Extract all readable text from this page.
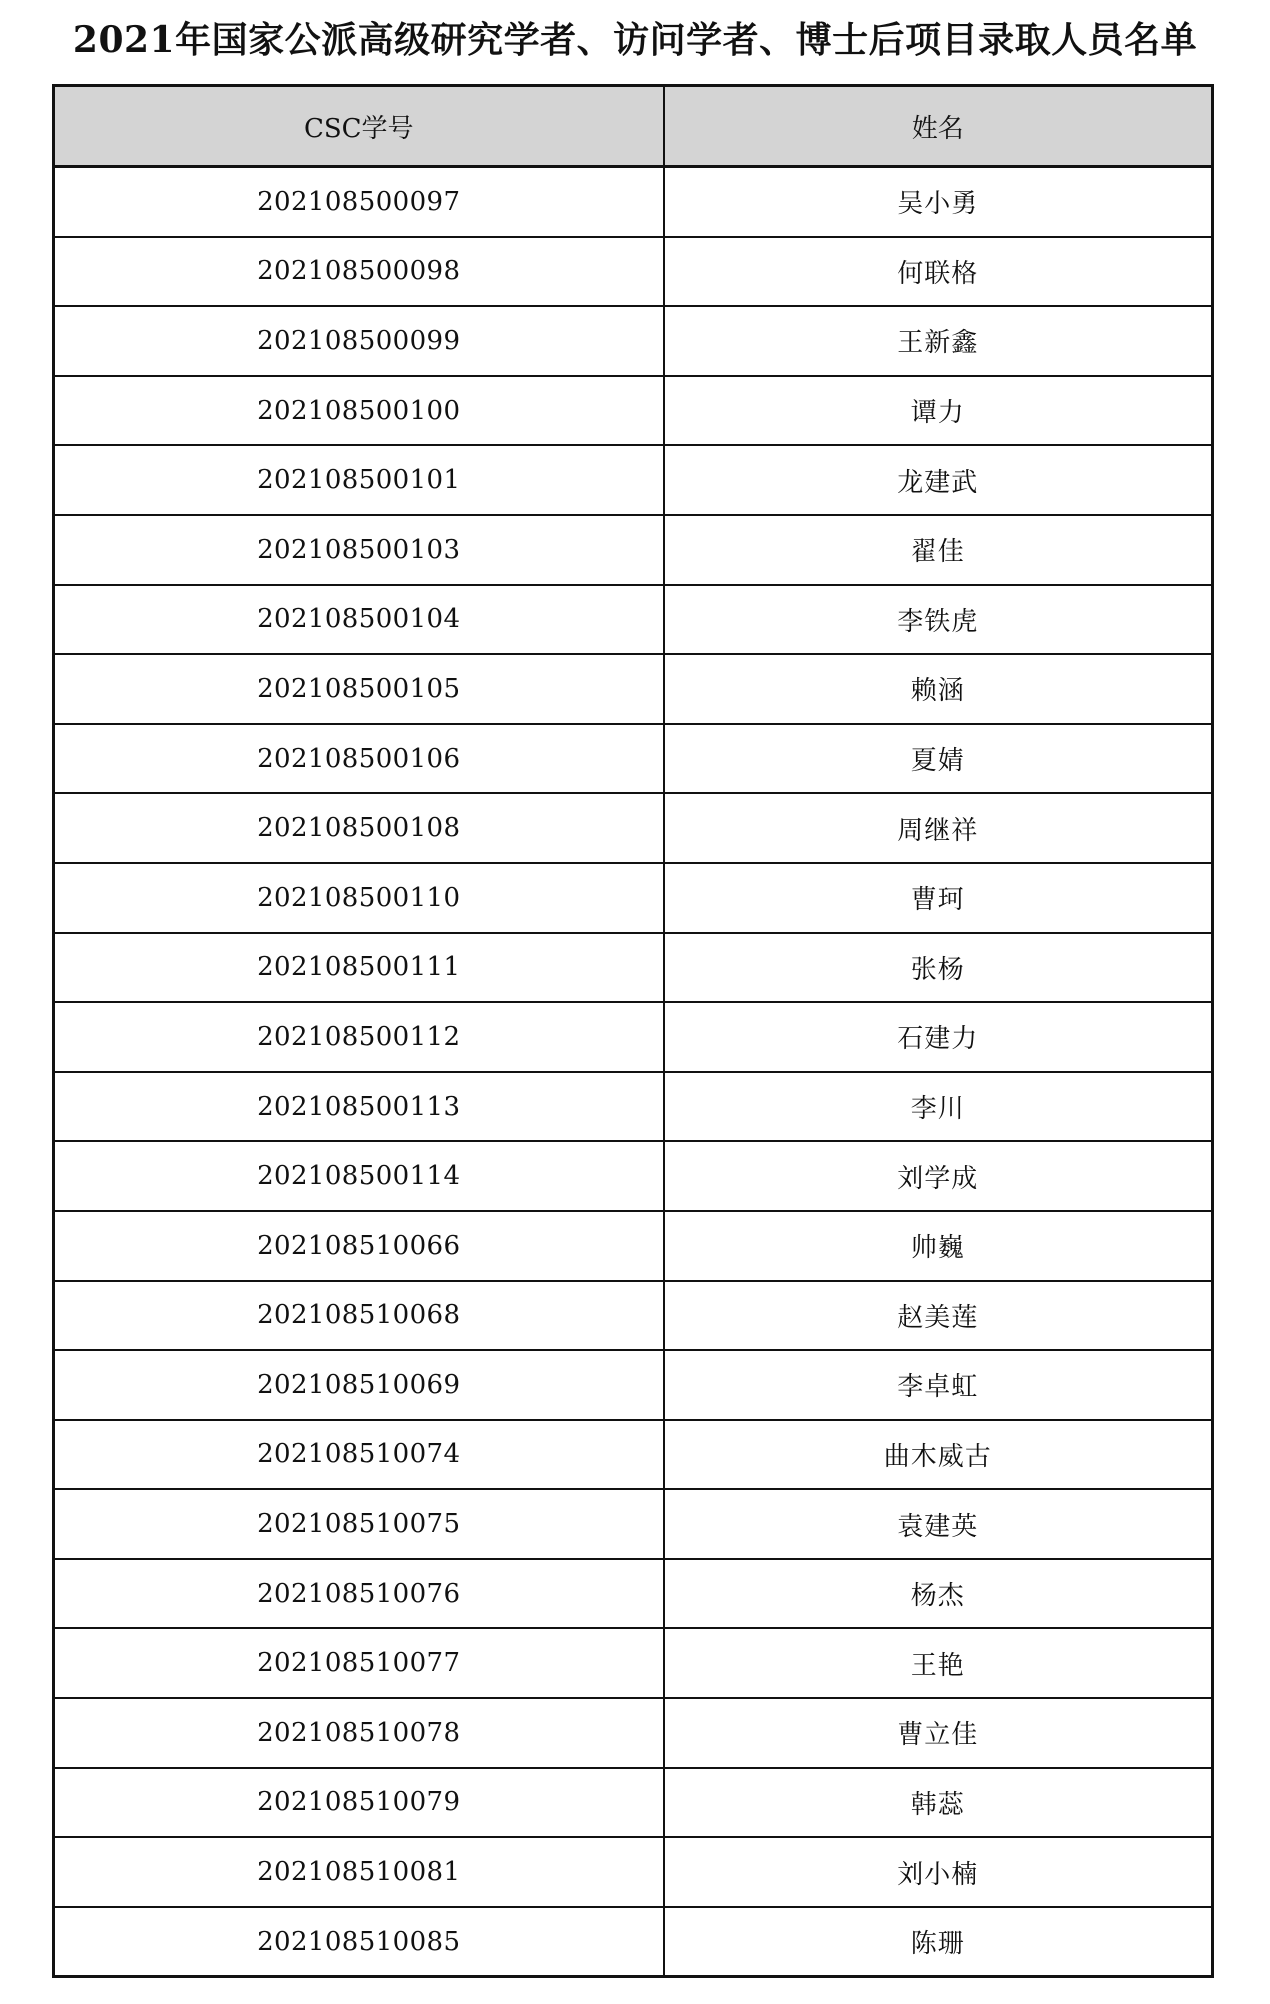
2021年国家公派高级研究学者、访问学者、博士后项目录取人员名单
CSC学号	姓名
202108500097	吴小勇
202108500098	何联格
202108500099	王新鑫
202108500100	谭力
202108500101	龙建武
202108500103	翟佳
202108500104	李铁虎
202108500105	赖涵
202108500106	夏婧
202108500108	周继祥
202108500110	曹珂
202108500111	张杨
202108500112	石建力
202108500113	李川
202108500114	刘学成
202108510066	帅巍
202108510068	赵美莲
202108510069	李卓虹
202108510074	曲木威古
202108510075	袁建英
202108510076	杨杰
202108510077	王艳
202108510078	曹立佳
202108510079	韩蕊
202108510081	刘小楠
202108510085	陈珊
